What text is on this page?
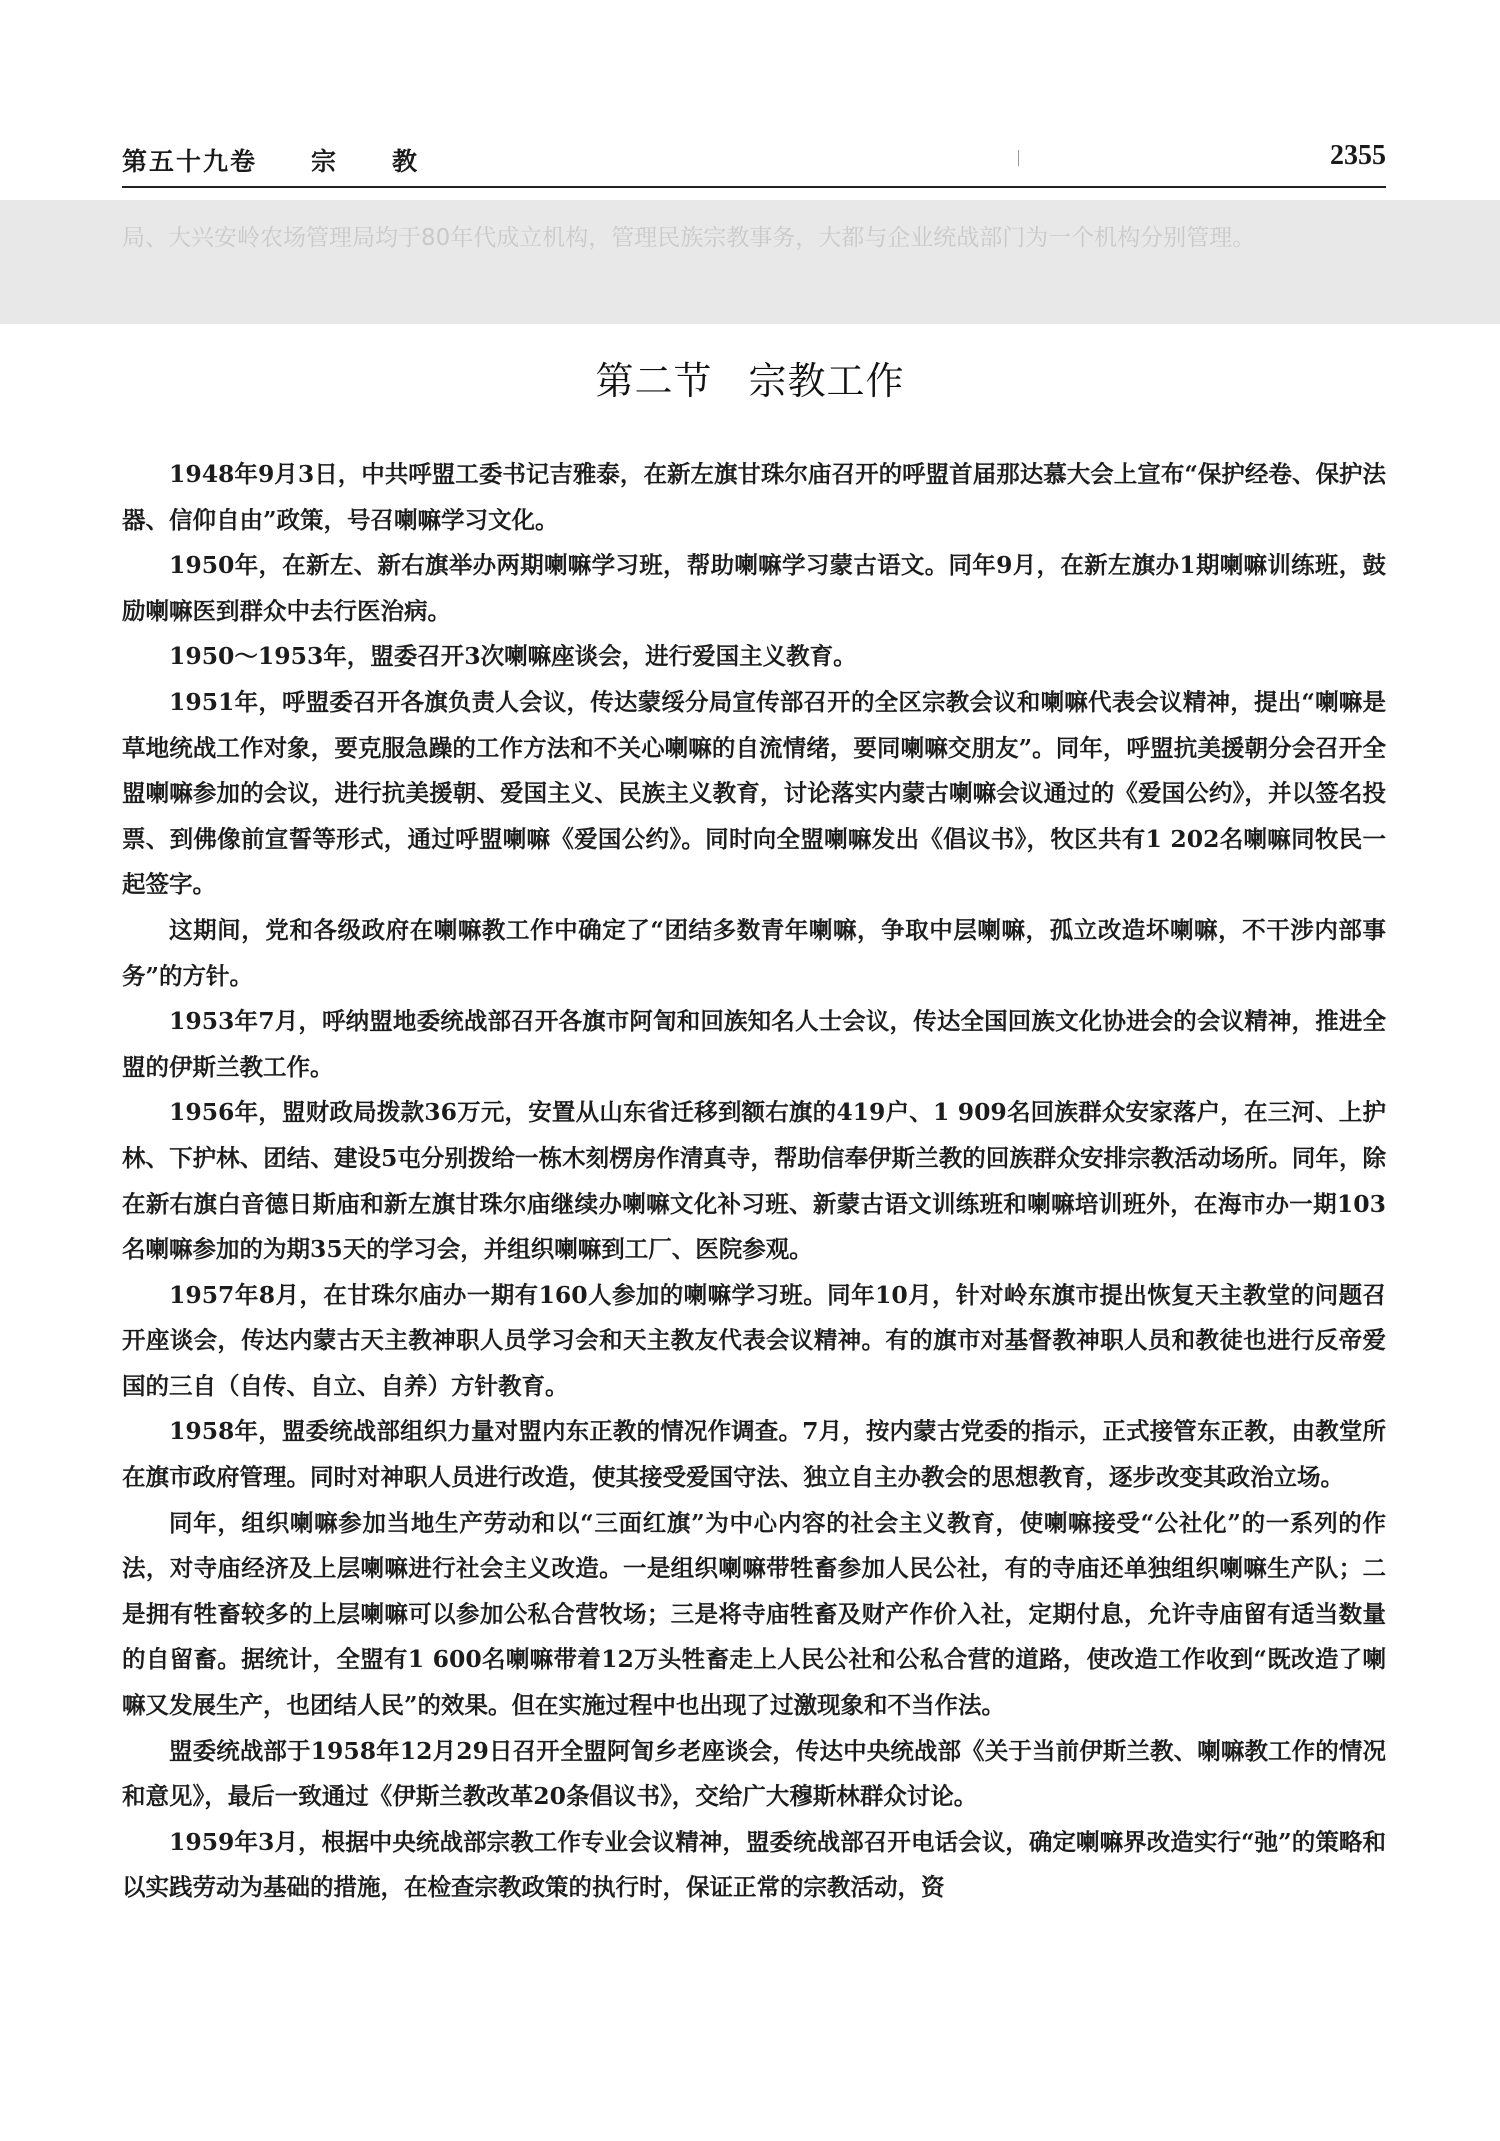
第五十九卷 宗 教	2355
局、大兴安岭农场管理局均于80年代成立机构，管理民族宗教事务，大都与企业统战部门为一个机构分别管理。
第二节 宗教工作

1948年9月3日，中共呼盟工委书记吉雅泰，在新左旗甘珠尔庙召开的呼盟首届那达慕大会上宣布“保护经卷、保护法器、信仰自由”政策，号召喇嘛学习文化。

1950年，在新左、新右旗举办两期喇嘛学习班，帮助喇嘛学习蒙古语文。同年9月，在新左旗办1期喇嘛训练班，鼓励喇嘛医到群众中去行医治病。

1950～1953年，盟委召开3次喇嘛座谈会，进行爱国主义教育。

1951年，呼盟委召开各旗负责人会议，传达蒙绥分局宣传部召开的全区宗教会议和喇嘛代表会议精神，提出“喇嘛是草地统战工作对象，要克服急躁的工作方法和不关心喇嘛的自流情绪，要同喇嘛交朋友”。同年，呼盟抗美援朝分会召开全盟喇嘛参加的会议，进行抗美援朝、爱国主义、民族主义教育，讨论落实内蒙古喇嘛会议通过的《爱国公约》，并以签名投票、到佛像前宣誓等形式，通过呼盟喇嘛《爱国公约》。同时向全盟喇嘛发出《倡议书》，牧区共有1 202名喇嘛同牧民一起签字。

这期间，党和各级政府在喇嘛教工作中确定了“团结多数青年喇嘛，争取中层喇嘛，孤立改造坏喇嘛，不干涉内部事务”的方针。

1953年7月，呼纳盟地委统战部召开各旗市阿訇和回族知名人士会议，传达全国回族文化协进会的会议精神，推进全盟的伊斯兰教工作。

1956年，盟财政局拨款36万元，安置从山东省迁移到额右旗的419户、1 909名回族群众安家落户，在三河、上护林、下护林、团结、建设5屯分别拨给一栋木刻楞房作清真寺，帮助信奉伊斯兰教的回族群众安排宗教活动场所。同年，除在新右旗白音德日斯庙和新左旗甘珠尔庙继续办喇嘛文化补习班、新蒙古语文训练班和喇嘛培训班外，在海市办一期103名喇嘛参加的为期35天的学习会，并组织喇嘛到工厂、医院参观。

1957年8月，在甘珠尔庙办一期有160人参加的喇嘛学习班。同年10月，针对岭东旗市提出恢复天主教堂的问题召开座谈会，传达内蒙古天主教神职人员学习会和天主教友代表会议精神。有的旗市对基督教神职人员和教徒也进行反帝爱国的三自（自传、自立、自养）方针教育。

1958年，盟委统战部组织力量对盟内东正教的情况作调查。7月，按内蒙古党委的指示，正式接管东正教，由教堂所在旗市政府管理。同时对神职人员进行改造，使其接受爱国守法、独立自主办教会的思想教育，逐步改变其政治立场。

同年，组织喇嘛参加当地生产劳动和以“三面红旗”为中心内容的社会主义教育，使喇嘛接受“公社化”的一系列的作法，对寺庙经济及上层喇嘛进行社会主义改造。一是组织喇嘛带牲畜参加人民公社，有的寺庙还单独组织喇嘛生产队；二是拥有牲畜较多的上层喇嘛可以参加公私合营牧场；三是将寺庙牲畜及财产作价入社，定期付息，允许寺庙留有适当数量的自留畜。据统计，全盟有1 600名喇嘛带着12万头牲畜走上人民公社和公私合营的道路，使改造工作收到“既改造了喇嘛又发展生产，也团结人民”的效果。但在实施过程中也出现了过激现象和不当作法。

盟委统战部于1958年12月29日召开全盟阿訇乡老座谈会，传达中央统战部《关于当前伊斯兰教、喇嘛教工作的情况和意见》，最后一致通过《伊斯兰教改革20条倡议书》，交给广大穆斯林群众讨论。

1959年3月，根据中央统战部宗教工作专业会议精神，盟委统战部召开电话会议，确定喇嘛界改造实行“弛”的策略和以实践劳动为基础的措施，在检查宗教政策的执行时，保证正常的宗教活动，资
